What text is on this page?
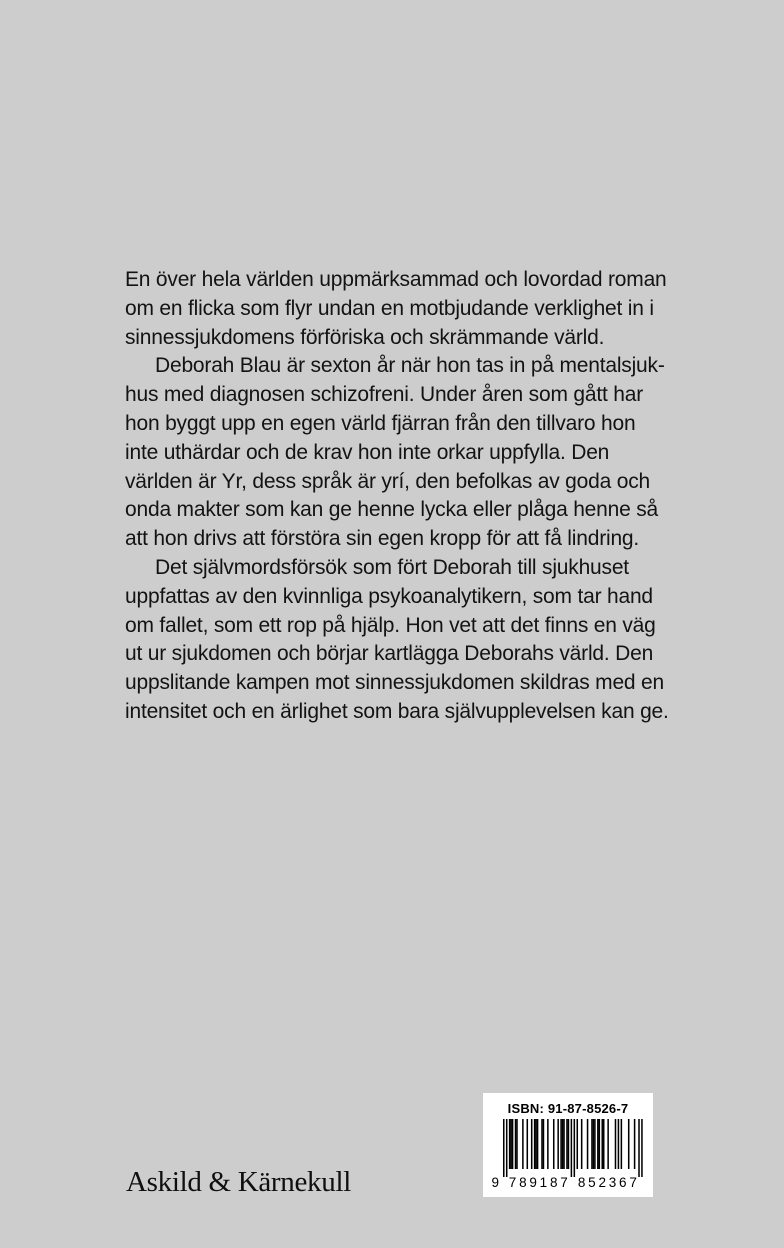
En över hela världen uppmärksammad och lovordad roman
om en flicka som flyr undan en motbjudande verklighet in i
sinnessjukdomens förföriska och skrämmande värld.
Deborah Blau är sexton år när hon tas in på mentalsjuk-
hus med diagnosen schizofreni. Under åren som gått har
hon byggt upp en egen värld fjärran från den tillvaro hon
inte uthärdar och de krav hon inte orkar uppfylla. Den
världen är Yr, dess språk är yrí, den befolkas av goda och
onda makter som kan ge henne lycka eller plåga henne så
att hon drivs att förstöra sin egen kropp för att få lindring.
Det självmordsförsök som fört Deborah till sjukhuset
uppfattas av den kvinnliga psykoanalytikern, som tar hand
om fallet, som ett rop på hjälp. Hon vet att det finns en väg
ut ur sjukdomen och börjar kartlägga Deborahs värld. Den
uppslitande kampen mot sinnessjukdomen skildras med en
intensitet och en ärlighet som bara självupplevelsen kan ge.
Askild & Kärnekull
ISBN: 91-87-8526-7
9 7 8 9 1 8 7 8 5 2 3 6 7
